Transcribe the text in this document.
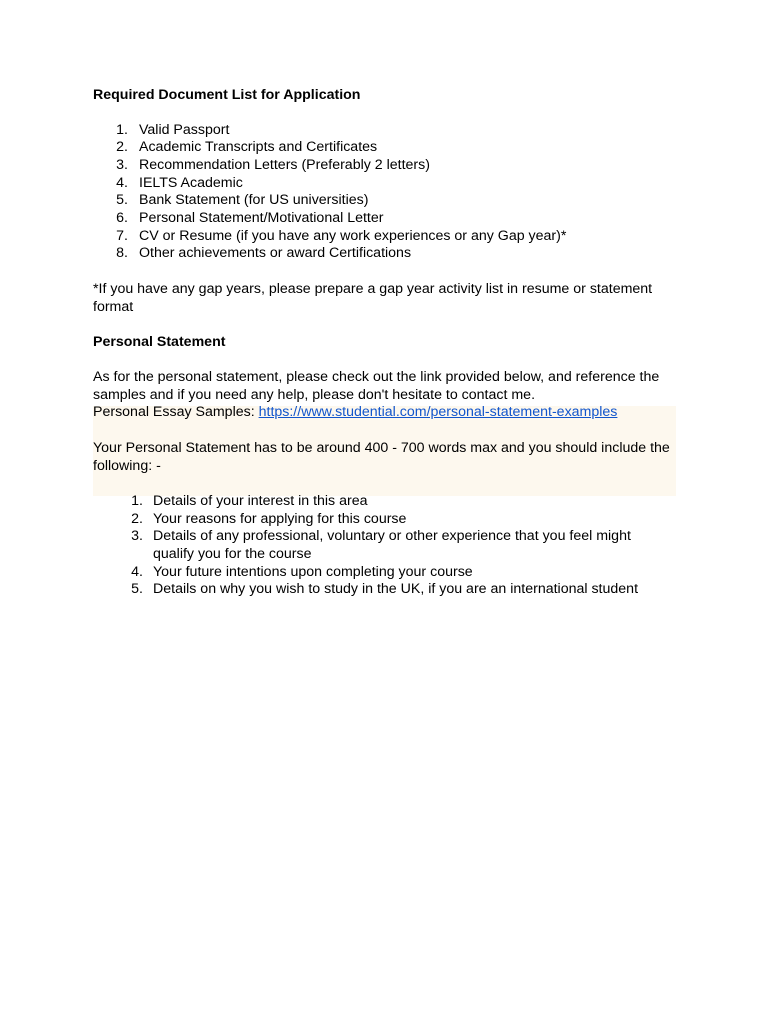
Required Document List for Application
1. Valid Passport
2. Academic Transcripts and Certificates
3. Recommendation Letters (Preferably 2 letters)
4. IELTS Academic
5. Bank Statement (for US universities)
6. Personal Statement/Motivational Letter
7. CV or Resume (if you have any work experiences or any Gap year)*
8. Other achievements or award Certifications
*If you have any gap years, please prepare a gap year activity list in resume or statement
format
Personal Statement
As for the personal statement, please check out the link provided below, and reference the
samples and if you need any help, please don't hesitate to contact me.
Personal Essay Samples: https://www.studential.com/personal-statement-examples
Your Personal Statement has to be around 400 - 700 words max and you should include the
following: -
1. Details of your interest in this area
2. Your reasons for applying for this course
3. Details of any professional, voluntary or other experience that you feel might
qualify you for the course
4. Your future intentions upon completing your course
5. Details on why you wish to study in the UK, if you are an international student
